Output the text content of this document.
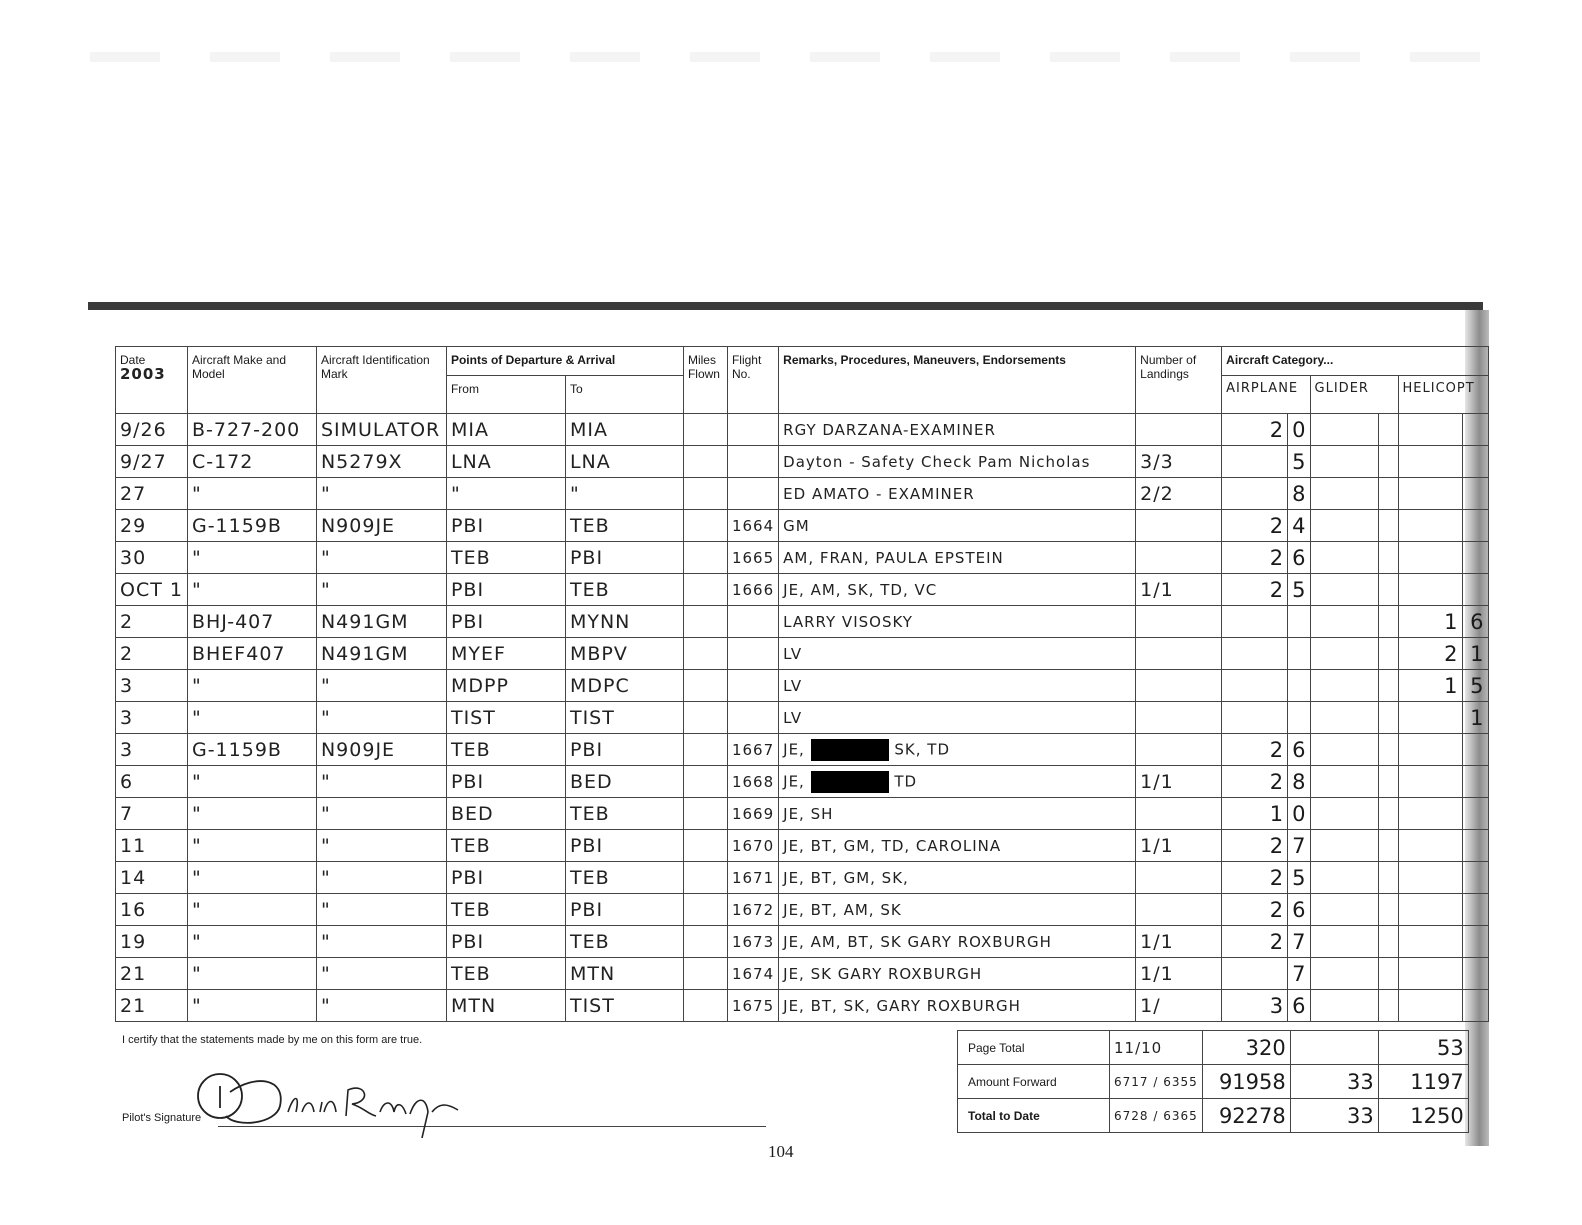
Date
2003	Aircraft Make and Model	Aircraft Identification Mark	Points of Departure & Arrival		Miles Flown	Flight No.	Remarks, Procedures, Maneuvers, Endorsements	Number of Landings	Aircraft Category...					
			From	To					AIRPLANE		GLIDER		HELICOPT	
9/26	B-727-200	SIMULATOR	MIA	MIA			RGY DARZANA-EXAMINER		2	0				
9/27	C-172	N5279X	LNA	LNA			Dayton - Safety Check Pam Nicholas	3/3		5				
27	"	"	"	"			ED AMATO - EXAMINER	2/2		8				
29	G-1159B	N909JE	PBI	TEB		1664	GM		2	4				
30	"	"	TEB	PBI		1665	AM, FRAN, PAULA EPSTEIN		2	6				
OCT 1	"	"	PBI	TEB		1666	JE, AM, SK, TD, VC	1/1	2	5				
2	BHJ-407	N491GM	PBI	MYNN			LARRY VISOSKY						1	6
2	BHEF407	N491GM	MYEF	MBPV			LV						2	1
3	"	"	MDPP	MDPC			LV						1	5
3	"	"	TIST	TIST			LV							1
3	G-1159B	N909JE	TEB	PBI		1667	JE, SK, TD		2	6				
6	"	"	PBI	BED		1668	JE, TD	1/1	2	8				
7	"	"	BED	TEB		1669	JE, SH		1	0				
11	"	"	TEB	PBI		1670	JE, BT, GM, TD, CAROLINA	1/1	2	7				
14	"	"	PBI	TEB		1671	JE, BT, GM, SK,		2	5				
16	"	"	TEB	PBI		1672	JE, BT, AM, SK		2	6				
19	"	"	PBI	TEB		1673	JE, AM, BT, SK GARY ROXBURGH	1/1	2	7				
21	"	"	TEB	MTN		1674	JE, SK GARY ROXBURGH	1/1		7				
21	"	"	MTN	TIST		1675	JE, BT, SK, GARY ROXBURGH	1/	3	6				
I certify that the statements made by me on this form are true.
Pilot's Signature
Page Total	11/10	320		53
Amount Forward	6717 / 6355	91958	33	1197
Total to Date	6728 / 6365	92278	33	1250
104
